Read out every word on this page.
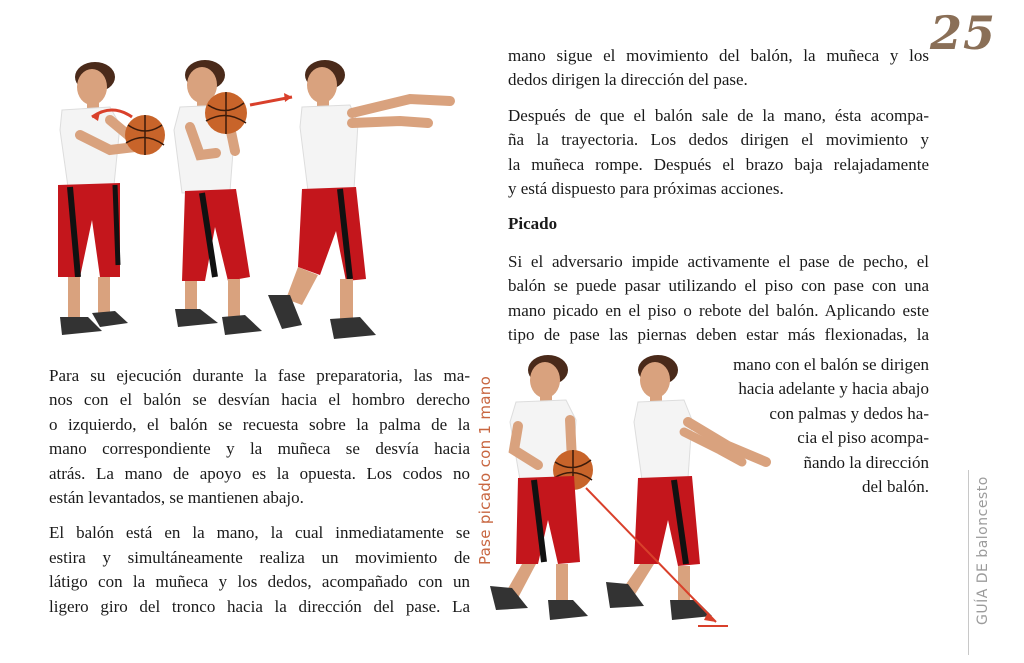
25

Para su ejecución durante la fase preparatoria, las ma-
nos con el balón se desvían hacia el hombro derecho
o izquierdo, el balón se recuesta sobre la palma de la
mano correspondiente y la muñeca se desvía hacia
atrás. La mano de apoyo es la opuesta. Los codos no
están levantados, se mantienen abajo.

El balón está en la mano, la cual inmediatamente se
estira y simultáneamente realiza un movimiento de
látigo con la muñeca y los dedos, acompañado con un
ligero giro del tronco hacia la dirección del pase. La

mano sigue el movimiento del balón, la muñeca y los
dedos dirigen la dirección del pase.

Después de que el balón sale de la mano, ésta acompa-
ña la trayectoria. Los dedos dirigen el movimiento y
la muñeca rompe. Después el brazo baja relajadamente
y está dispuesto para próximas acciones.

Picado

Si el adversario impide activamente el pase de pecho, el
balón se puede pasar utilizando el piso con pase con una
mano picado en el piso o rebote del balón. Aplicando este
tipo de pase las piernas deben estar más flexionadas, la

mano con el balón se dirigen
hacia adelante y hacia abajo
con palmas y dedos ha-
cia el piso acompa-
ñando la dirección
del balón.
Pase picado con 1 mano	GUÍA DE baloncesto
